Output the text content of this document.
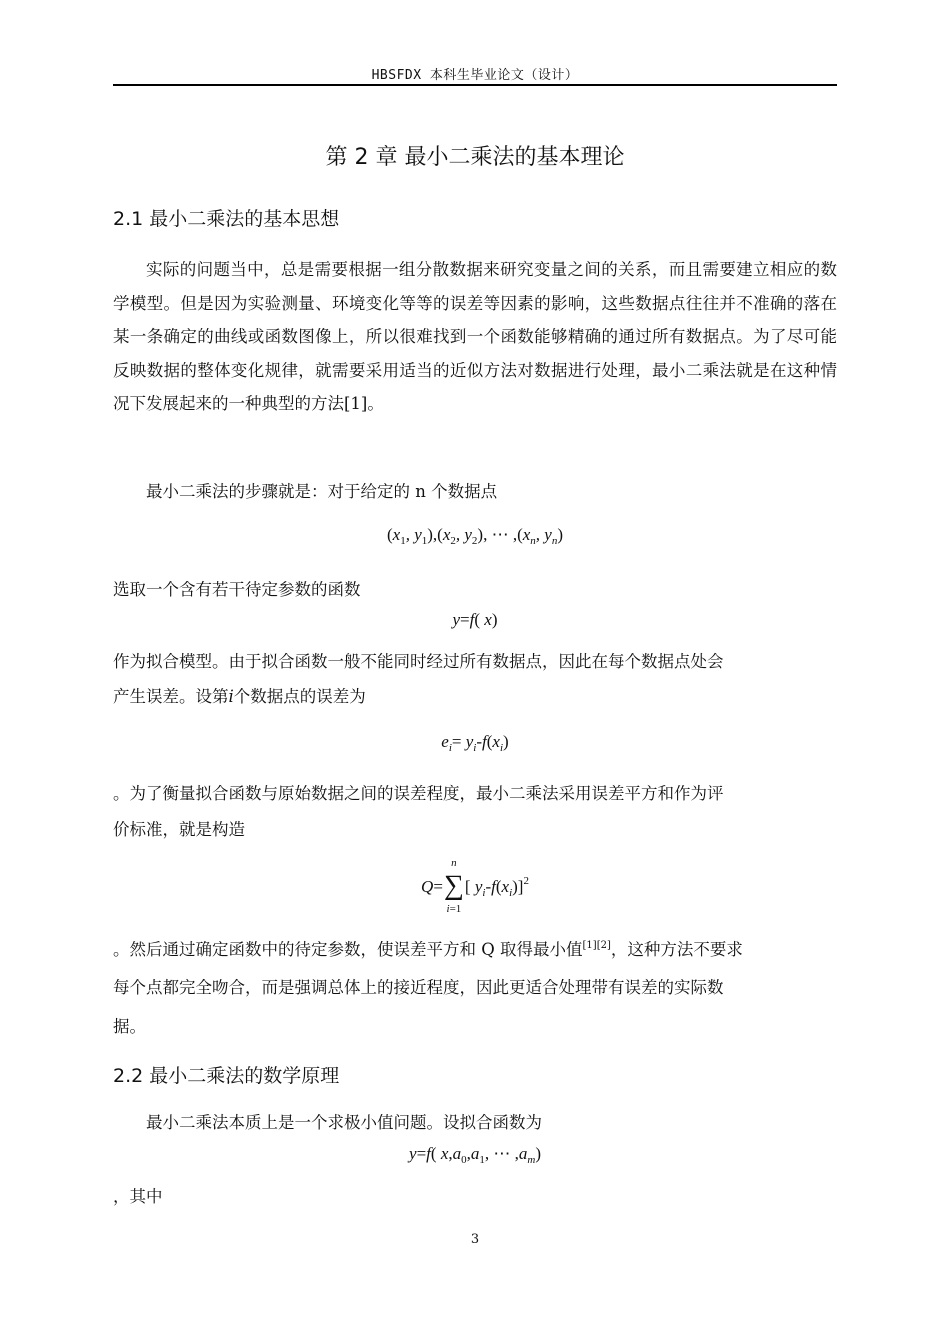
HBSFDX 本科生毕业论文（设计）
第 2 章 最小二乘法的基本理论
2.1 最小二乘法的基本思想

实际的问题当中，总是需要根据一组分散数据来研究变量之间的关系，而且需要建立相应的数学模型。但是因为实验测量、环境变化等等的误差等因素的影响，这些数据点往往并不准确的落在某一条确定的曲线或函数图像上，所以很难找到一个函数能够精确的通过所有数据点。为了尽可能反映数据的整体变化规律，就需要采用适当的近似方法对数据进行处理，最小二乘法就是在这种情况下发展起来的一种典型的方法[1]。

最小二乘法的步骤就是：对于给定的 n 个数据点

($x_1$, $y_1),(x_2$, $y_2$), ⋯ $,(x_n$, $y_n$)
选取一个含有若干待定参数的函数
y=f( x)
作为拟合模型。由于拟合函数一般不能同时经过所有数据点，因此在每个数据点处会
产生误差。设第i个数据点的误差为
$e_i= y_i-f(x_i)$
。为了衡量拟合函数与原始数据之间的误差程度，最小二乘法采用误差平方和作为评
价标准，就是构造
Q=
n
∑
i=1
[ $y_i-f(x_i)]^2$
。然后通过确定函数中的待定参数，使误差平方和 Q 取得最小值[1][2]，这种方法不要求
每个点都完全吻合，而是强调总体上的接近程度，因此更适合处理带有误差的实际数
据。
2.2 最小二乘法的数学原理

最小二乘法本质上是一个求极小值问题。设拟合函数为

y=f( $x,a_0,a_1$, ⋯ $,a_m$)
，其中
3
